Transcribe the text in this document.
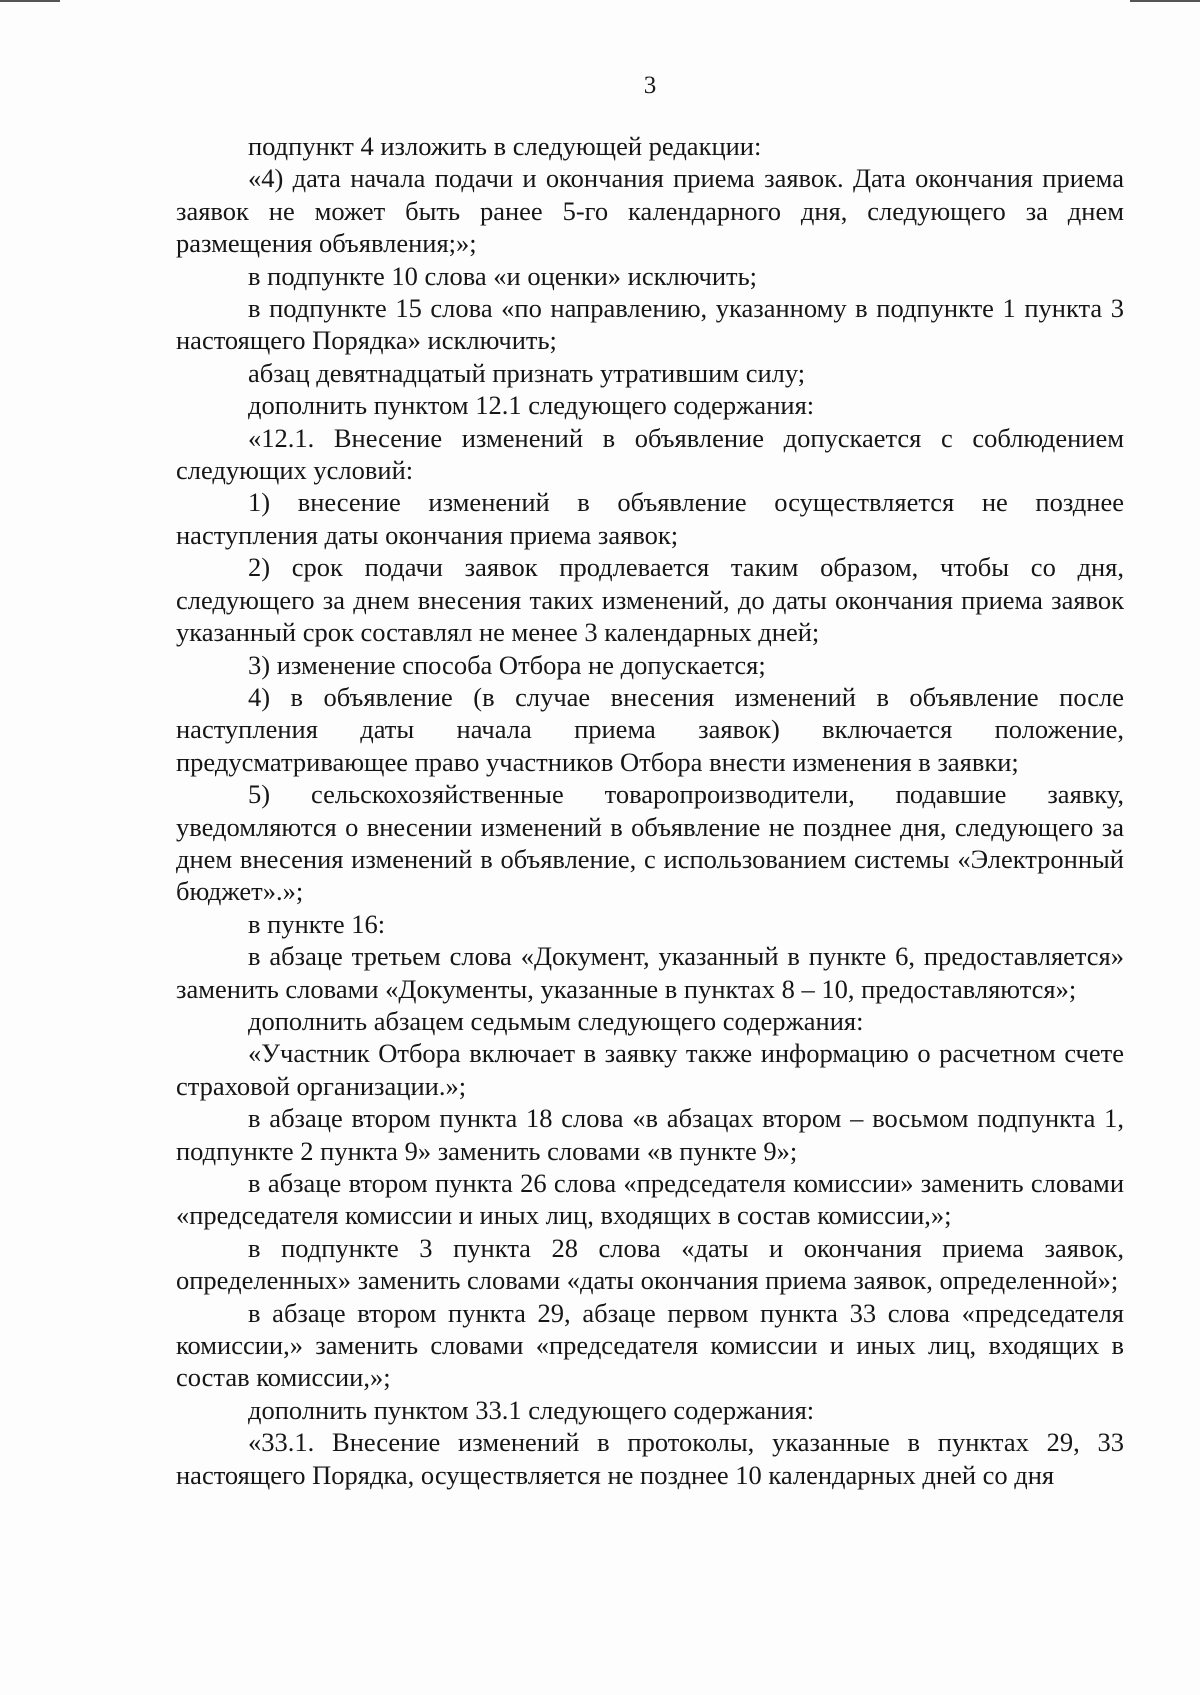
3

подпункт 4 изложить в следующей редакции:

«4) дата начала подачи и окончания приема заявок. Дата окончания приема заявок не может быть ранее 5-го календарного дня, следующего за днем размещения объявления;»;

в подпункте 10 слова «и оценки» исключить;

в подпункте 15 слова «по направлению, указанному в подпункте 1 пункта 3 настоящего Порядка» исключить;

абзац девятнадцатый признать утратившим силу;

дополнить пунктом 12.1 следующего содержания:

«12.1. Внесение изменений в объявление допускается с соблюдением следующих условий:

1) внесение изменений в объявление осуществляется не позднее наступления даты окончания приема заявок;

2) срок подачи заявок продлевается таким образом, чтобы со дня, следующего за днем внесения таких изменений, до даты окончания приема заявок указанный срок составлял не менее 3 календарных дней;

3) изменение способа Отбора не допускается;

4) в объявление (в случае внесения изменений в объявление после наступления даты начала приема заявок) включается положение, предусматривающее право участников Отбора внести изменения в заявки;

5) сельскохозяйственные товаропроизводители, подавшие заявку, уведомляются о внесении изменений в объявление не позднее дня, следующего за днем внесения изменений в объявление, с использованием системы «Электронный бюджет».»;

в пункте 16:

в абзаце третьем слова «Документ, указанный в пункте 6, предоставляется» заменить словами «Документы, указанные в пунктах 8 – 10, предоставляются»;

дополнить абзацем седьмым следующего содержания:

«Участник Отбора включает в заявку также информацию о расчетном счете страховой организации.»;

в абзаце втором пункта 18 слова «в абзацах втором – восьмом подпункта 1, подпункте 2 пункта 9» заменить словами «в пункте 9»;

в абзаце втором пункта 26 слова «председателя комиссии» заменить словами «председателя комиссии и иных лиц, входящих в состав комиссии,»;

в подпункте 3 пункта 28 слова «даты и окончания приема заявок, определенных» заменить словами «даты окончания приема заявок, определенной»;

в абзаце втором пункта 29, абзаце первом пункта 33 слова «председателя комиссии,» заменить словами «председателя комиссии и иных лиц, входящих в состав комиссии,»;

дополнить пунктом 33.1 следующего содержания:

«33.1. Внесение изменений в протоколы, указанные в пунктах 29, 33 настоящего Порядка, осуществляется не позднее 10 календарных дней со дня
